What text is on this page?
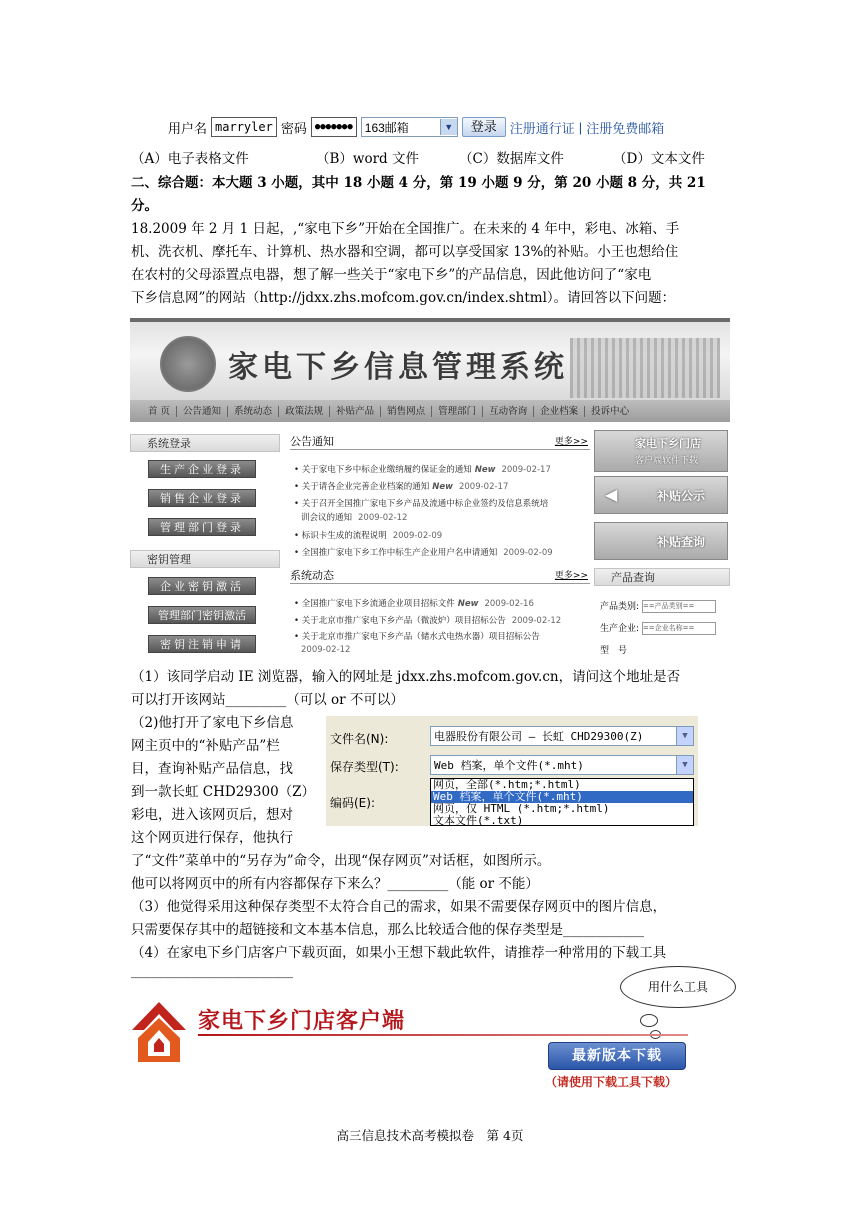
用户名 marryler 密码 ●●●●●●●	163邮箱	▼	登录	注册通行证 | 注册免费邮箱
（A）电子表格文件	（B）word 文件	（C）数据库文件	（D）文本文件
二、综合题：本大题 3 小题，其中 18 小题 4 分，第 19 小题 9 分，第 20 小题 8 分，共 21
分。
18.2009 年 2 月 1 日起，,“家电下乡”开始在全国推广。在未来的 4 年中，彩电、冰箱、手
机、洗衣机、摩托车、计算机、热水器和空调，都可以享受国家 13%的补贴。小王也想给住
在农村的父母添置点电器，想了解一些关于“家电下乡”的产品信息，因此他访问了“家电
下乡信息网”的网站（http://jdxx.zhs.mofcom.gov.cn/index.shtml）。请回答以下问题：
家电下乡信息管理系统
首 页	公告通知	系统动态	政策法规	补贴产品	销售网点	管理部门	互动咨询	企业档案	投诉中心
系统登录
生产企业登录
销售企业登录
管理部门登录
密钥管理
企业密钥激活
管理部门密钥激活
密钥注销申请
公告通知	更多>>
• 关于家电下乡中标企业缴纳履约保证金的通知 New 2009-02-17
• 关于请各企业完善企业档案的通知 New 2009-02-17
• 关于召开全国推广家电下乡产品及流通中标企业签约及信息系统培
训会议的通知 2009-02-12
• 标识卡生成的流程说明 2009-02-09
• 全国推广家电下乡工作中标生产企业用户名申请通知 2009-02-09
系统动态	更多>>
• 全国推广家电下乡流通企业项目招标文件 New 2009-02-16
• 关于北京市推广家电下乡产品（微波炉）项目招标公告 2009-02-12
• 关于北京市推广家电下乡产品（储水式电热水器）项目招标公告
2009-02-12
家电下乡门店
客户端软件下载
◀	补贴公示
补贴查询
产品查询
产品类别: ==产品类别==
生产企业: ==企业名称==
型　号
（1）该同学启动 IE 浏览器，输入的网址是 jdxx.zhs.mofcom.gov.cn，请问这个地址是否
可以打开该网站_________（可以 or 不可以）
（2)他打开了家电下乡信息
网主页中的“补贴产品”栏
目，查询补贴产品信息，找
到一款长虹 CHD29300（Z）
彩电，进入该网页后，想对
这个网页进行保存，他执行
文件名(N):	电器股份有限公司 – 长虹 CHD29300(Z)	▼
保存类型(T):	Web 档案，单个文件(*.mht)	▼
编码(E):
网页，全部(*.htm;*.html)
Web 档案，单个文件(*.mht)
网页，仅 HTML (*.htm;*.html)
文本文件(*.txt)
了“文件”菜单中的“另存为”命令，出现“保存网页”对话框，如图所示。
他可以将网页中的所有内容都保存下来么？_________（能 or 不能）
（3）他觉得采用这种保存类型不太符合自己的需求，如果不需要保存网页中的图片信息，
只需要保存其中的超链接和文本基本信息，那么比较适合他的保存类型是____________
（4）在家电下乡门店客户下载页面，如果小王想下载此软件，请推荐一种常用的下载工具
________________________
用什么工具
家电下乡门店客户端
最新版本下载
（请使用下载工具下载）
高三信息技术高考模拟卷　第 4页
